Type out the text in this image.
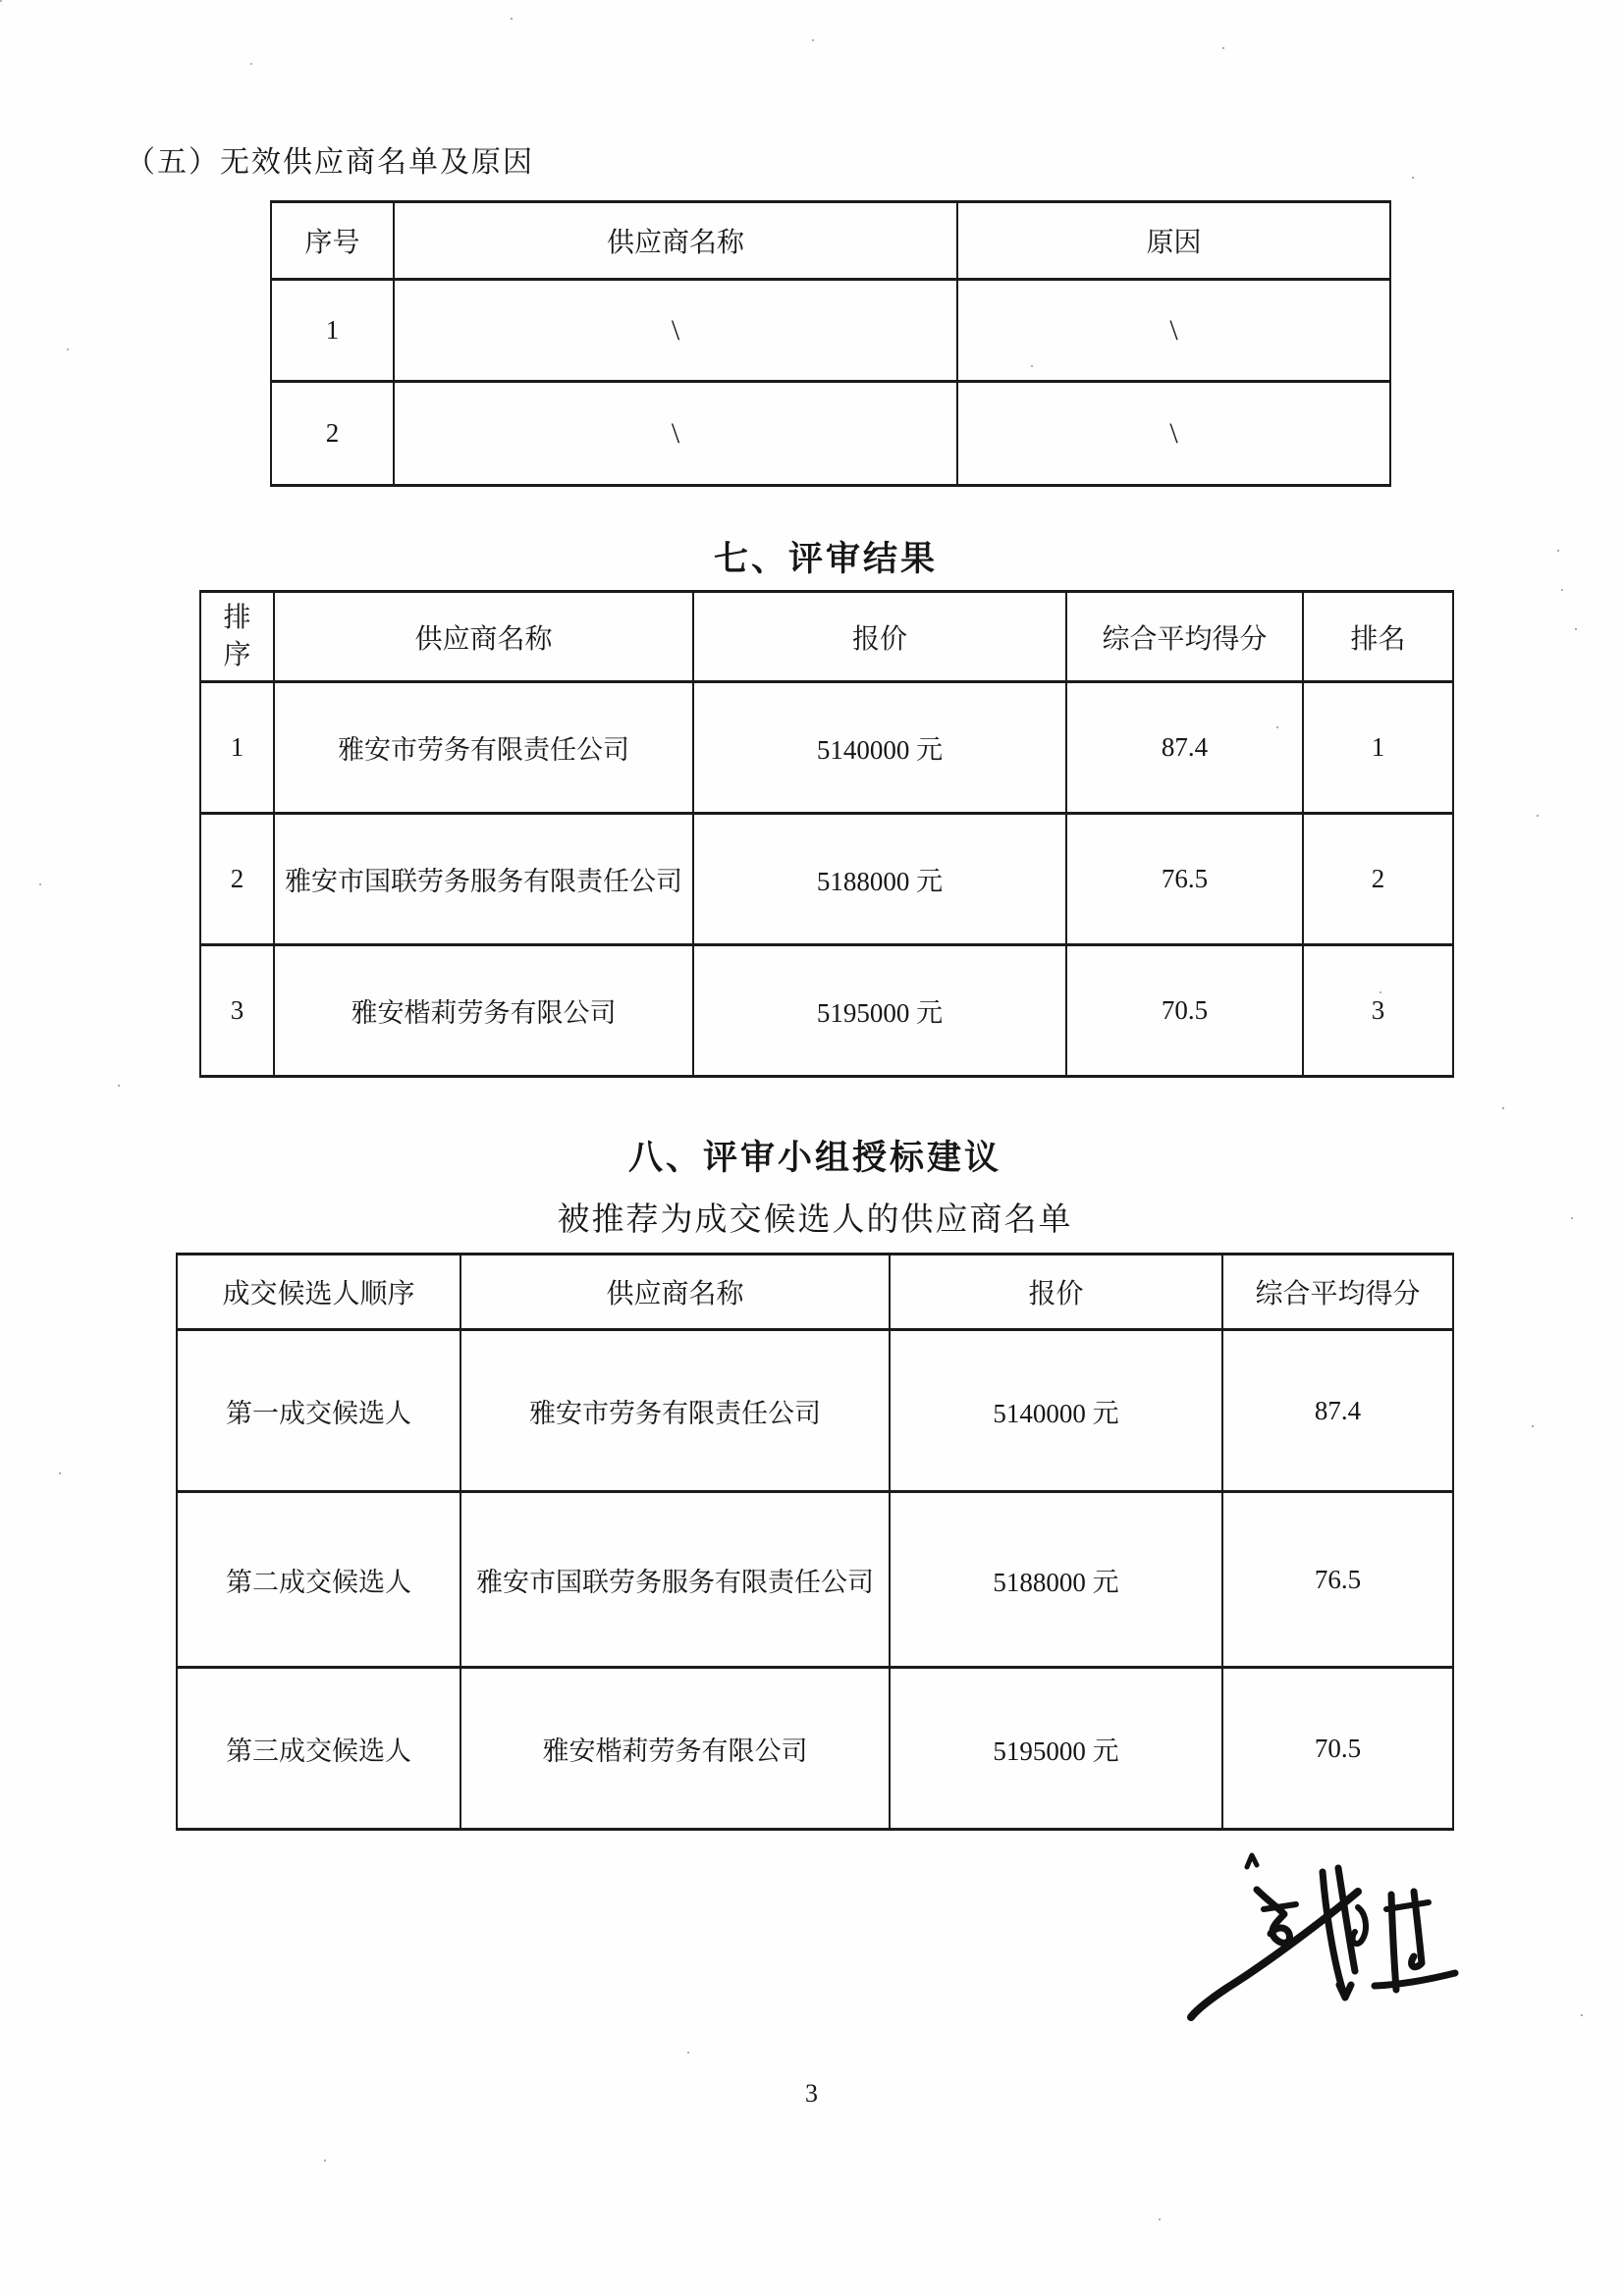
（五）无效供应商名单及原因
序号	供应商名称	原因
1	\	\
2	\	\
七、评审结果
排序	供应商名称	报价	综合平均得分	排名
1	雅安市劳务有限责任公司	5140000 元	87.4	1
2	雅安市国联劳务服务有限责任公司	5188000 元	76.5	2
3	雅安楷莉劳务有限公司	5195000 元	70.5	3
八、评审小组授标建议
被推荐为成交候选人的供应商名单
成交候选人顺序	供应商名称	报价	综合平均得分
第一成交候选人	雅安市劳务有限责任公司	5140000 元	87.4
第二成交候选人	雅安市国联劳务服务有限责任公司	5188000 元	76.5
第三成交候选人	雅安楷莉劳务有限公司	5195000 元	70.5
3
